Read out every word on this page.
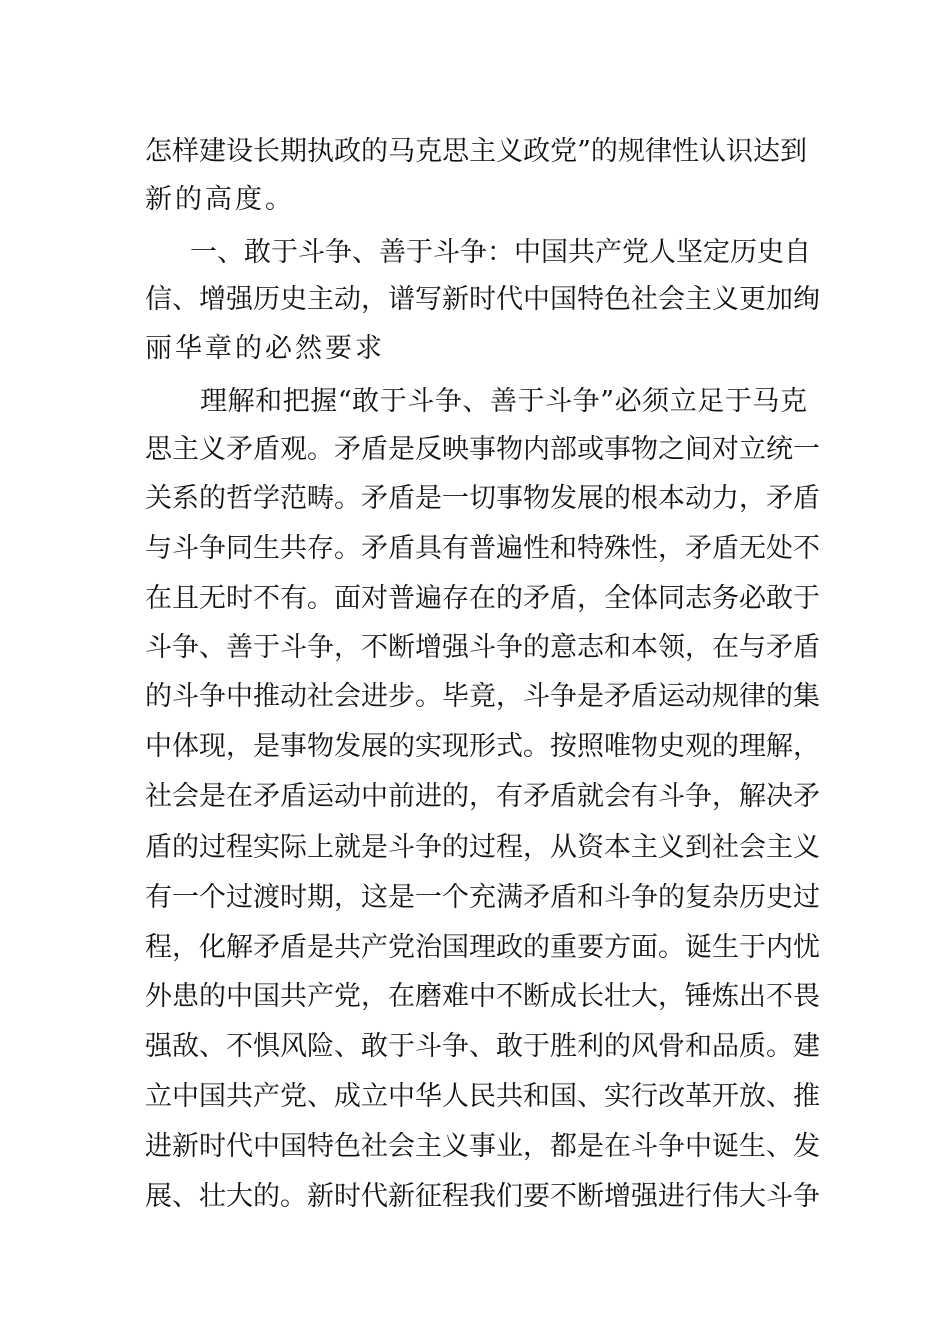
怎样建设长期执政的马克思主义政党”的规律性认识达到
新的高度。
一、敢于斗争、善于斗争：中国共产党人坚定历史自
信、增强历史主动，谱写新时代中国特色社会主义更加绚
丽华章的必然要求
理解和把握“敢于斗争、善于斗争”必须立足于马克
思主义矛盾观。矛盾是反映事物内部或事物之间对立统一
关系的哲学范畴。矛盾是一切事物发展的根本动力，矛盾
与斗争同生共存。矛盾具有普遍性和特殊性，矛盾无处不
在且无时不有。面对普遍存在的矛盾，全体同志务必敢于
斗争、善于斗争，不断增强斗争的意志和本领，在与矛盾
的斗争中推动社会进步。毕竟，斗争是矛盾运动规律的集
中体现，是事物发展的实现形式。按照唯物史观的理解，
社会是在矛盾运动中前进的，有矛盾就会有斗争，解决矛
盾的过程实际上就是斗争的过程，从资本主义到社会主义
有一个过渡时期，这是一个充满矛盾和斗争的复杂历史过
程，化解矛盾是共产党治国理政的重要方面。诞生于内忧
外患的中国共产党，在磨难中不断成长壮大，锤炼出不畏
强敌、不惧风险、敢于斗争、敢于胜利的风骨和品质。建
立中国共产党、成立中华人民共和国、实行改革开放、推
进新时代中国特色社会主义事业，都是在斗争中诞生、发
展、壮大的。新时代新征程我们要不断增强进行伟大斗争
